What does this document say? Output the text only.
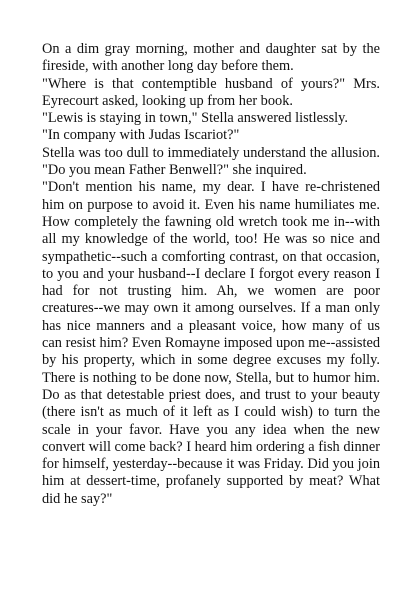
On a dim gray morning, mother and daughter sat by the fireside, with another long day before them.

"Where is that contemptible husband of yours?" Mrs. Eyrecourt asked, looking up from her book.

"Lewis is staying in town," Stella answered listlessly.

"In company with Judas Iscariot?"

Stella was too dull to immediately understand the allusion. "Do you mean Father Benwell?" she inquired.

"Don't mention his name, my dear. I have re-christened him on purpose to avoid it. Even his name humiliates me. How completely the fawning old wretch took me in--with all my knowledge of the world, too! He was so nice and sympathetic--such a comforting contrast, on that occasion, to you and your husband--I declare I forgot every reason I had for not trusting him. Ah, we women are poor creatures--we may own it among ourselves. If a man only has nice manners and a pleasant voice, how many of us can resist him? Even Romayne imposed upon me--assisted by his property, which in some degree excuses my folly. There is nothing to be done now, Stella, but to humor him. Do as that detestable priest does, and trust to your beauty (there isn't as much of it left as I could wish) to turn the scale in your favor. Have you any idea when the new convert will come back? I heard him ordering a fish dinner for himself, yesterday--because it was Friday. Did you join him at dessert-time, profanely supported by meat? What did he say?"
